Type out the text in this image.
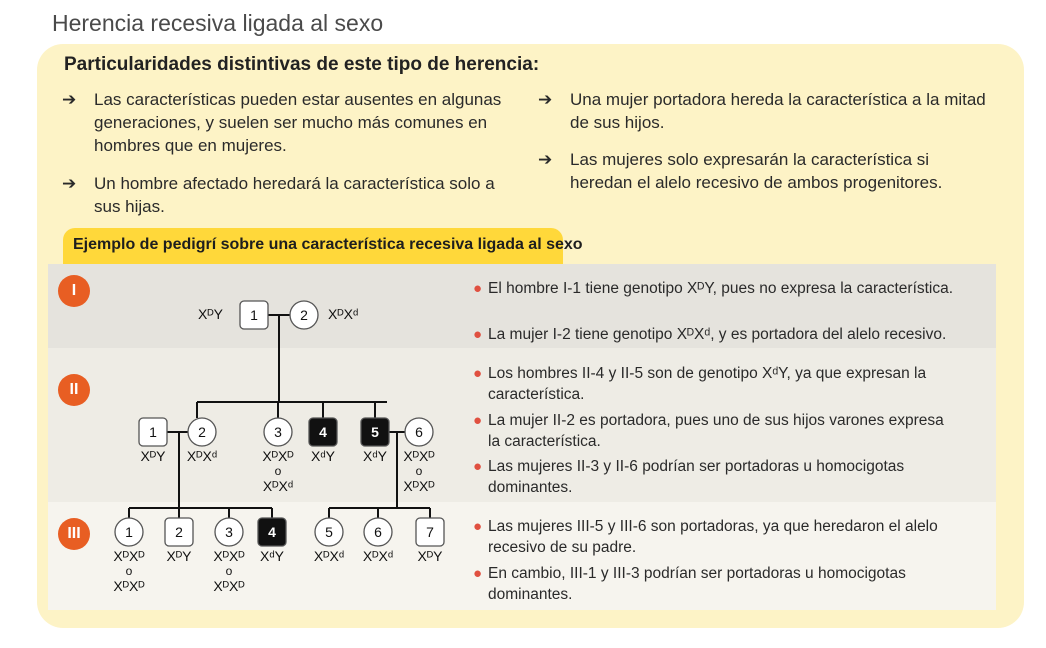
Herencia recesiva ligada al sexo
Particularidades distintivas de este tipo de herencia:
➔ Las características pueden estar ausentes en algunas generaciones, y suelen ser mucho más comunes en hombres que en mujeres.
➔ Un hombre afectado heredará la característica solo a sus hijas.
➔ Una mujer portadora hereda la característica a la mitad de sus hijos.
➔ Las mujeres solo expresarán la característica si heredan el alelo recesivo de ambos progenitores.
Ejemplo de pedigrí sobre una característica recesiva ligada al sexo
I
II
III
● El hombre I-1 tiene genotipo XᴰY, pues no expresa la característica.
● La mujer I-2 tiene genotipo XᴰXᵈ, y es portadora del alelo recesivo.
● Los hombres II-4 y II-5 son de genotipo XᵈY, ya que expresan la característica.
● La mujer II-2 es portadora, pues uno de sus hijos varones expresa la característica.
● Las mujeres II-3 y II-6 podrían ser portadoras u homocigotas dominantes.
● Las mujeres III-5 y III-6 son portadoras, ya que heredaron el alelo recesivo de su padre.
● En cambio, III-1 y III-3 podrían ser portadoras u homocigotas dominantes.
1	2
1	2	3	4	5	6
1	2	3	4	5	6	7
XᴰY	XᴰXᵈ
XᴰY	XᴰXᵈ	XᴰXᴰ
o
XᴰXᵈ
XᵈY	XᵈY	XᴰXᴰ
o
XᴰXᴰ
XᴰXᴰ
o
XᴰXᴰ
XᴰY	XᴰXᴰ
o
XᴰXᴰ
XᵈY	XᴰXᵈ	XᴰXᵈ	XᴰY
